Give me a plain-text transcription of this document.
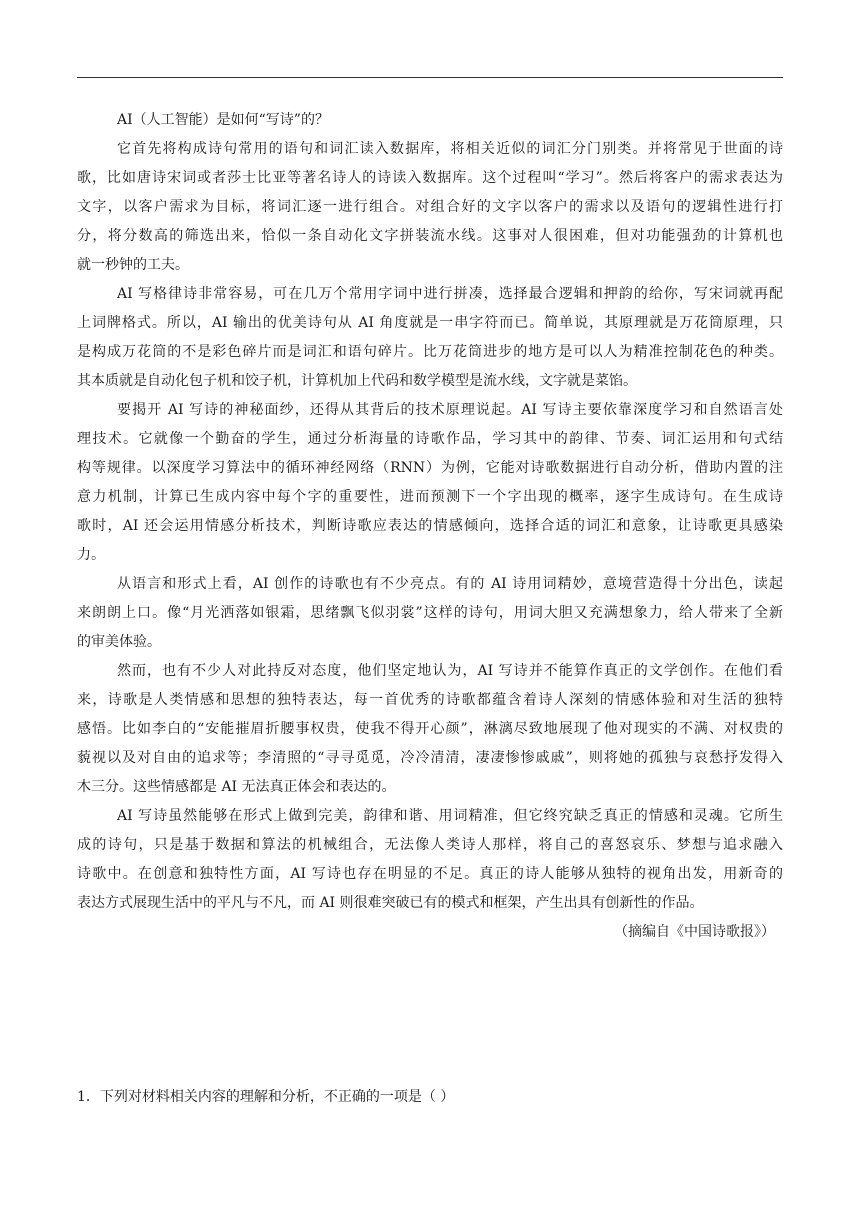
AI（人工智能）是如何“写诗”的？
它首先将构成诗句常用的语句和词汇读入数据库，将相关近似的词汇分门别类。并将常见于世面的诗
歌，比如唐诗宋词或者莎士比亚等著名诗人的诗读入数据库。这个过程叫“学习”。然后将客户的需求表达为
文字，以客户需求为目标，将词汇逐一进行组合。对组合好的文字以客户的需求以及语句的逻辑性进行打
分，将分数高的筛选出来，恰似一条自动化文字拼装流水线。这事对人很困难，但对功能强劲的计算机也
就一秒钟的工夫。
AI 写格律诗非常容易，可在几万个常用字词中进行拼凑，选择最合逻辑和押韵的给你，写宋词就再配
上词牌格式。所以，AI 输出的优美诗句从 AI 角度就是一串字符而已。简单说，其原理就是万花筒原理，只
是构成万花筒的不是彩色碎片而是词汇和语句碎片。比万花筒进步的地方是可以人为精准控制花色的种类。
其本质就是自动化包子机和饺子机，计算机加上代码和数学模型是流水线，文字就是菜馅。
要揭开 AI 写诗的神秘面纱，还得从其背后的技术原理说起。AI 写诗主要依靠深度学习和自然语言处
理技术。它就像一个勤奋的学生，通过分析海量的诗歌作品，学习其中的韵律、节奏、词汇运用和句式结
构等规律。以深度学习算法中的循环神经网络（RNN）为例，它能对诗歌数据进行自动分析，借助内置的注
意力机制，计算已生成内容中每个字的重要性，进而预测下一个字出现的概率，逐字生成诗句。在生成诗
歌时，AI 还会运用情感分析技术，判断诗歌应表达的情感倾向，选择合适的词汇和意象，让诗歌更具感染
力。
从语言和形式上看，AI 创作的诗歌也有不少亮点。有的 AI 诗用词精妙，意境营造得十分出色，读起
来朗朗上口。像“月光洒落如银霜，思绪飘飞似羽裳”这样的诗句，用词大胆又充满想象力，给人带来了全新
的审美体验。
然而，也有不少人对此持反对态度，他们坚定地认为，AI 写诗并不能算作真正的文学创作。在他们看
来，诗歌是人类情感和思想的独特表达，每一首优秀的诗歌都蕴含着诗人深刻的情感体验和对生活的独特
感悟。比如李白的“安能摧眉折腰事权贵，使我不得开心颜”，淋漓尽致地展现了他对现实的不满、对权贵的
藐视以及对自由的追求等；李清照的“寻寻觅觅，冷冷清清，凄凄惨惨戚戚”，则将她的孤独与哀愁抒发得入
木三分。这些情感都是 AI 无法真正体会和表达的。
AI 写诗虽然能够在形式上做到完美，韵律和谐、用词精准，但它终究缺乏真正的情感和灵魂。它所生
成的诗句，只是基于数据和算法的机械组合，无法像人类诗人那样，将自己的喜怒哀乐、梦想与追求融入
诗歌中。在创意和独特性方面，AI 写诗也存在明显的不足。真正的诗人能够从独特的视角出发，用新奇的
表达方式展现生活中的平凡与不凡，而 AI 则很难突破已有的模式和框架，产生出具有创新性的作品。
（摘编自《中国诗歌报》）
1．下列对材料相关内容的理解和分析，不正确的一项是（ ）
